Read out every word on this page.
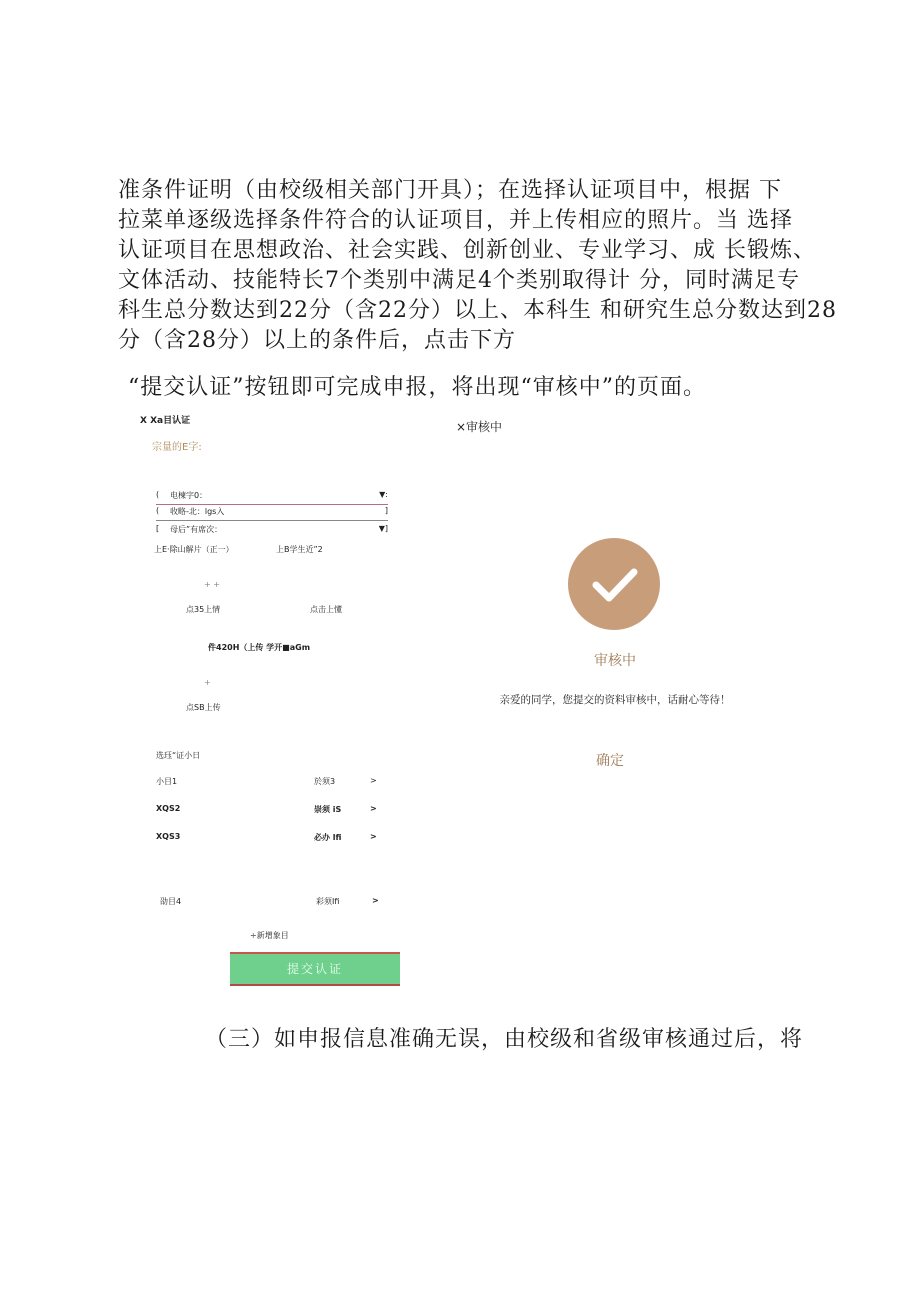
准条件证明（由校级相关部门开具）；在选择认证项目中，根据 下
拉菜单逐级选择条件符合的认证项目，并上传相应的照片。当 选择
认证项目在思想政治、社会实践、创新创业、专业学习、成 长锻炼、
文体活动、技能特长7个类别中满足4个类别取得计 分，同时满足专
科生总分数达到22分（含22分）以上、本科生 和研究生总分数达到28
分（含28分）以上的条件后，点击下方
“提交认证”按钮即可完成申报，将出现“审核中”的页面。
X Xa目认证
宗量的E字:
( 电楝字0：	▼:
( 收略-北：lgs入	]
[ 母后”有席次：	▼]
上E·除山解片（正一）	上B学生近”2
+ +
点35上情	点击上懂
件420H（上传 学开■aGm
+
点SB上传
选珏“证小日
小目1	於须3	>
XQS2	崇须 iS	>
XQS3	必办 lfi	>
劭目4	彩须Ifi	>
÷新增象目
提交认证
×审核中
审核中
亲爱的同学，您提交的资料审核中，话耐心等待！
确定
（三）如申报信息准确无误，由校级和省级审核通过后，将
